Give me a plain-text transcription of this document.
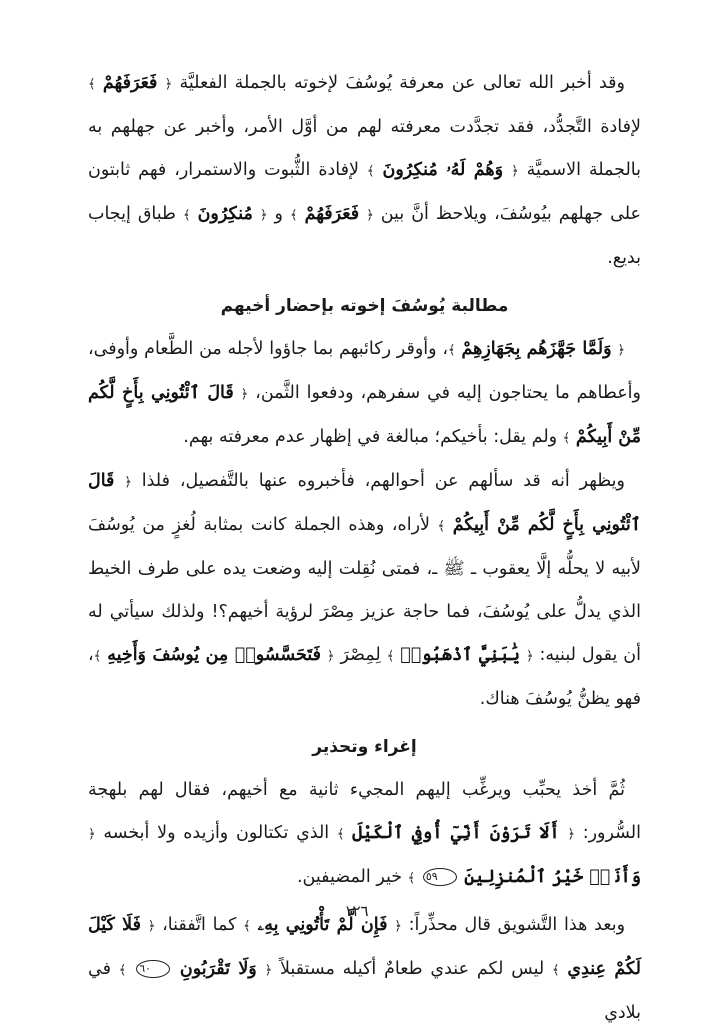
وقد أخبر الله تعالى عن معرفة يُوسُفَ لإخوته بالجملة الفعليَّة ﴿ فَعَرَفَهُمْ ﴾ لإفادة التَّجدُّد، فقد تجدَّدت معرفته لهم من أوَّل الأمر، وأخبر عن جهلهم به بالجملة الاسميَّة ﴿ وَهُمْ لَهُۥ مُنكِرُونَ ﴾ لإفادة الثُّبوت والاستمرار، فهم ثابتون على جهلهم بيُوسُفَ، ويلاحظ أنَّ بين ﴿ فَعَرَفَهُمْ ﴾ و ﴿ مُنكِرُونَ ﴾ طباق إيجاب بديع.

مطالبة يُوسُفَ إخوته بإحضار أخيهم

﴿ وَلَمَّا جَهَّزَهُم بِجَهَازِهِمْ ﴾، وأوقر ركائبهم بما جاؤوا لأجله من الطَّعام وأوفى، وأعطاهم ما يحتاجون إليه في سفرهم، ودفعوا الثَّمن، ﴿ قَالَ ٱئْتُونِي بِأَخٍ لَّكُم مِّنْ أَبِيكُمْ ﴾ ولم يقل: بأخيكم؛ مبالغة في إظهار عدم معرفته بهم.

ويظهر أنه قد سألهم عن أحوالهم، فأخبروه عنها بالتَّفصيل، فلذا ﴿ قَالَ ٱئْتُونِي بِأَخٍ لَّكُم مِّنْ أَبِيكُمْ ﴾ لأراه، وهذه الجملة كانت بمثابة لُغزٍ من يُوسُفَ لأبيه لا يحلُّه إلَّا يعقوب ـ ﷺ ـ، فمتى نُقِلت إليه وضعت يده على طرف الخيط الذي يدلُّ على يُوسُفَ، فما حاجة عزيز مِصْرَ لرؤية أخيهم؟! ولذلك سيأتي له أن يقول لبنيه: ﴿ يَٰبَنِيَّ ٱذْهَبُوا۟ ﴾ لِمِصْرَ ﴿ فَتَحَسَّسُوا۟ مِن يُوسُفَ وَأَخِيهِ ﴾، فهو يظنُّ يُوسُفَ هناك.

إغراء وتحذير

ثُمَّ أخذ يحبِّب ويرغِّب إليهم المجيء ثانية مع أخيهم، فقال لهم بلهجة السُّرور: ﴿ أَلَا تَرَوْنَ أَنِّيٓ أُوفِي ٱلْكَيْلَ ﴾ الذي تكتالون وأزيده ولا أبخسه ﴿ وَأَنَا۠ خَيْرُ ٱلْمُنزِلِينَ ٥٩ ﴾ خير المضيفين.

وبعد هذا التَّشويق قال محذِّراً: ﴿ فَإِن لَّمْ تَأْتُونِي بِهِۦ ﴾ كما اتَّفقنا، ﴿ فَلَا كَيْلَ لَكُمْ عِندِي ﴾ ليس لكم عندي طعامٌ أكيله مستقبلاً ﴿ وَلَا تَقْرَبُونِ ٦٠ ﴾ في بلادي

١٢٦
